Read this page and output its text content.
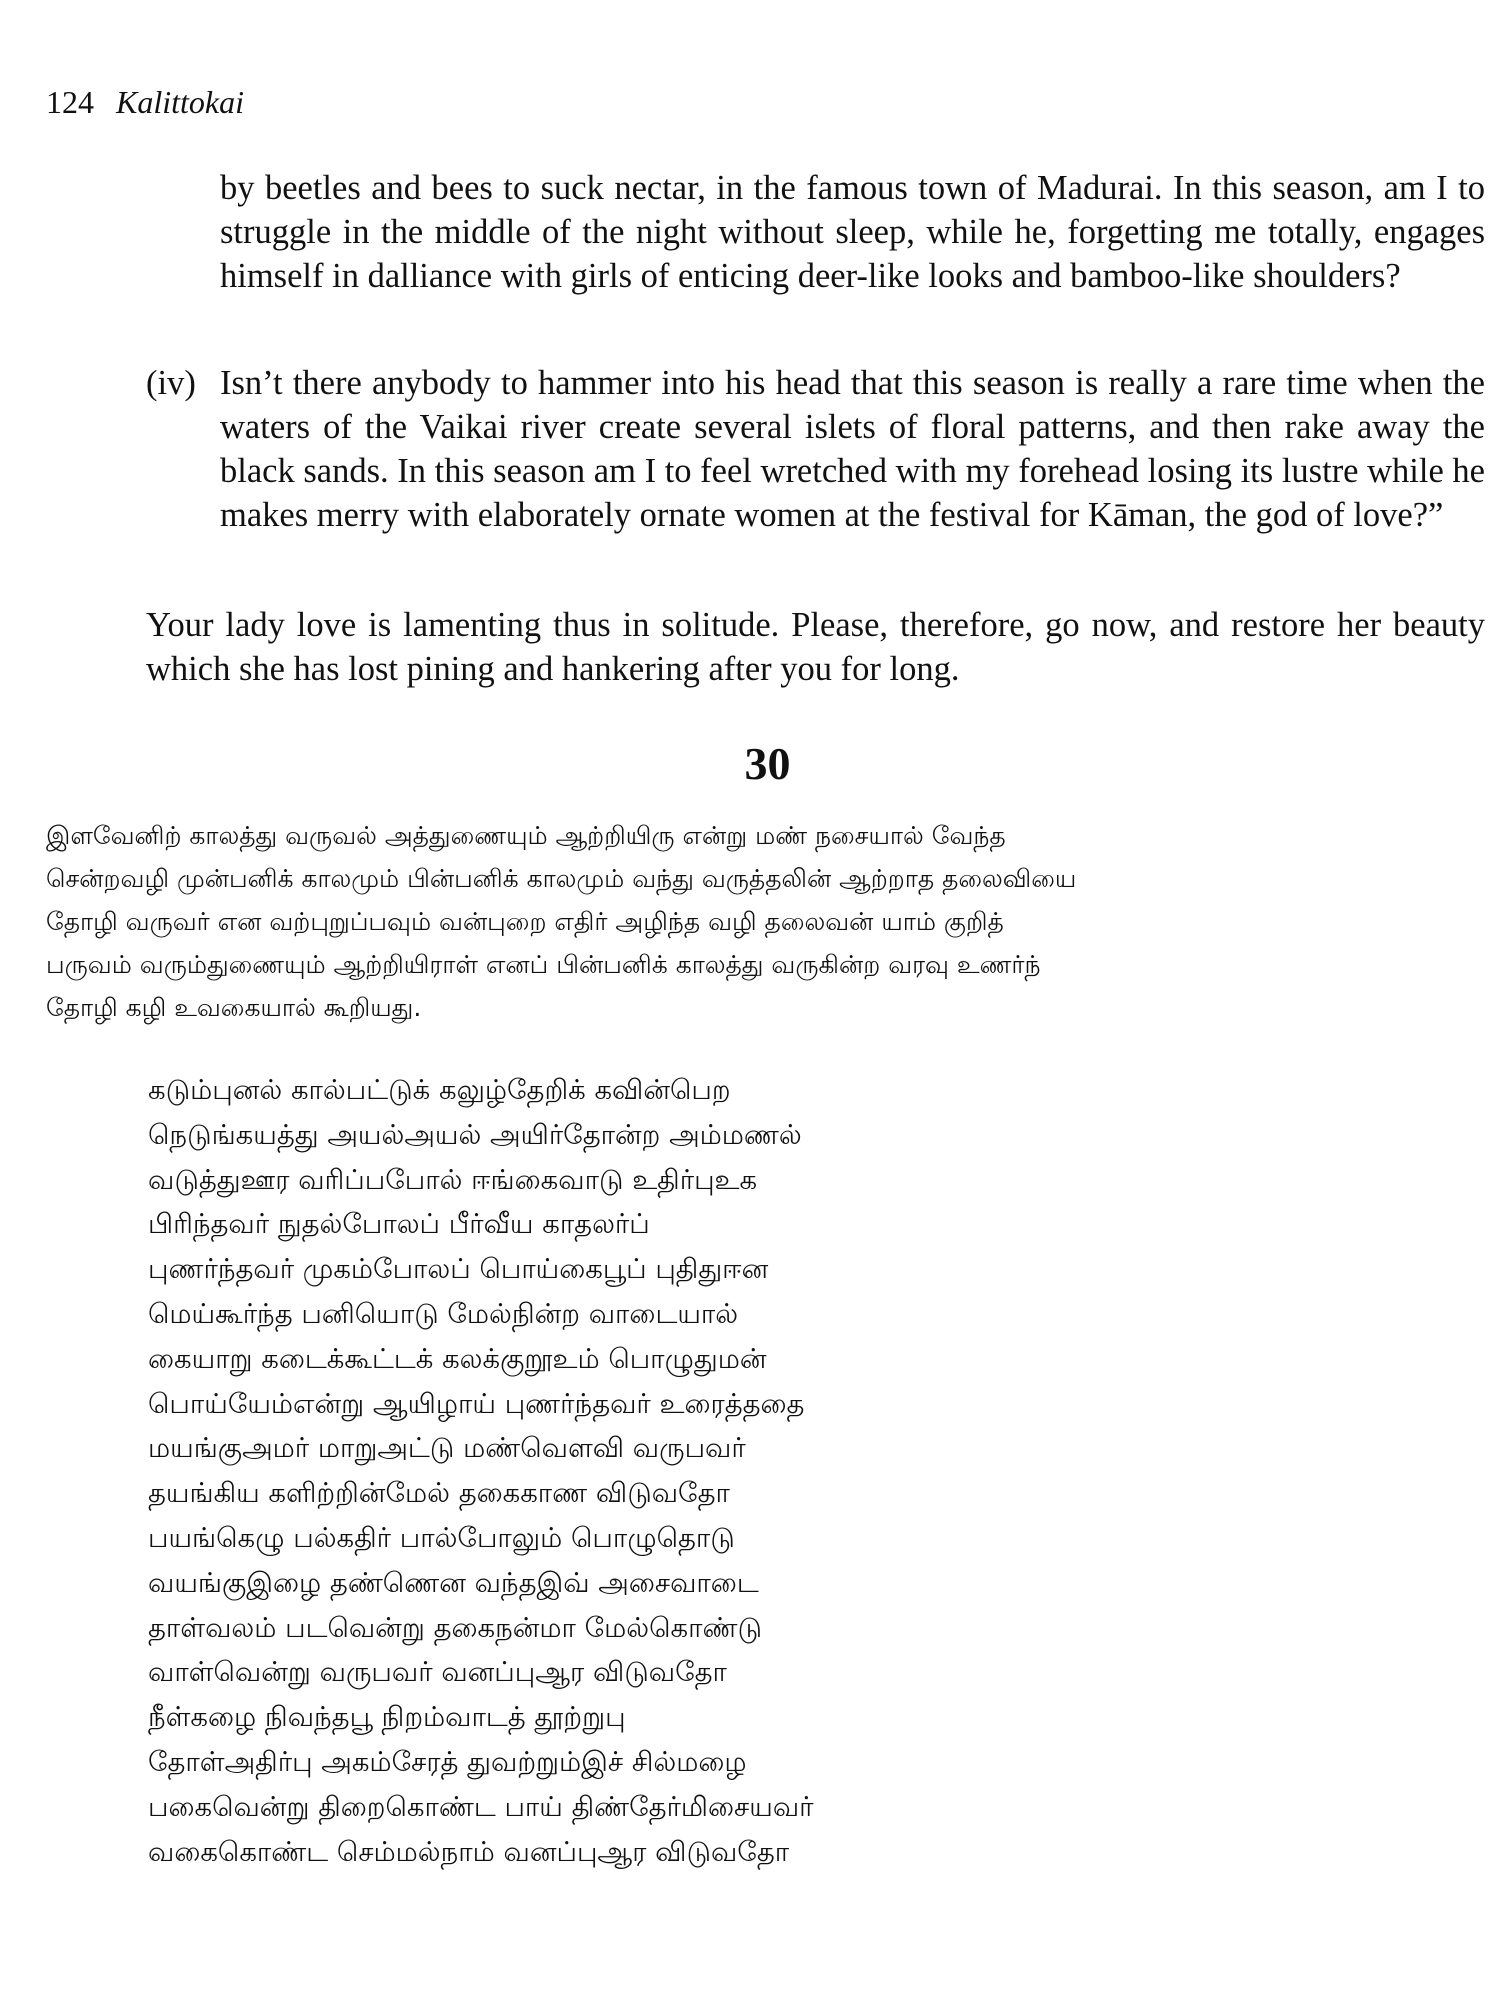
124 Kalittokai

by beetles and bees to suck nectar, in the famous town of Madurai. In this season, am I to struggle in the middle of the night without sleep, while he, forgetting me totally, engages himself in dalliance with girls of enticing deer-like looks and bamboo-like shoulders?

(iv) Isn’t there anybody to hammer into his head that this season is really a rare time when the waters of the Vaikai river create several islets of floral patterns, and then rake away the black sands. In this season am I to feel wretched with my forehead losing its lustre while he makes merry with elaborately ornate women at the festival for Kāman, the god of love?”

Your lady love is lamenting thus in solitude. Please, therefore, go now, and restore her beauty which she has lost pining and hankering after you for long.

30
இளவேனிற் காலத்து வருவல் அத்துணையும் ஆற்றியிரு என்று மண் நசையால் வேந்த
சென்றவழி முன்பனிக் காலமும் பின்பனிக் காலமும் வந்து வருத்தலின் ஆற்றாத தலைவியை
தோழி வருவர் என வற்புறுப்பவும் வன்புறை எதிர் அழிந்த வழி தலைவன் யாம் குறித்
பருவம் வரும்துணையும் ஆற்றியிராள் எனப் பின்பனிக் காலத்து வருகின்ற வரவு உணர்ந்
தோழி கழி உவகையால் கூறியது.
கடும்புனல் கால்பட்டுக் கலுழ்தேறிக் கவின்பெற
நெடுங்கயத்து அயல்அயல் அயிர்தோன்ற அம்மணல்
வடுத்துஊர வரிப்பபோல் ஈங்கைவாடு உதிர்புஉக
பிரிந்தவர் நுதல்போலப் பீர்வீய காதலர்ப்
புணர்ந்தவர் முகம்போலப் பொய்கைபூப் புதிதுஈன
மெய்கூர்ந்த பனியொடு மேல்நின்ற வாடையால்
கையாறு கடைக்கூட்டக் கலக்குறூஉம் பொழுதுமன்
பொய்யேம்என்று ஆயிழாய் புணர்ந்தவர் உரைத்ததை
மயங்குஅமர் மாறுஅட்டு மண்வெளவி வருபவர்
தயங்கிய களிற்றின்மேல் தகைகாண விடுவதோ
பயங்கெழு பல்கதிர் பால்போலும் பொழுதொடு
வயங்குஇழை தண்ணென வந்தஇவ் அசைவாடை
தாள்வலம் படவென்று தகைநன்மா மேல்கொண்டு
வாள்வென்று வருபவர் வனப்புஆர விடுவதோ
நீள்கழை நிவந்தபூ நிறம்வாடத் தூற்றுபு
தோள்அதிர்பு அகம்சேரத் துவற்றும்இச் சில்மழை
பகைவென்று திறைகொண்ட பாய் திண்தேர்மிசையவர்
வகைகொண்ட செம்மல்நாம் வனப்புஆர விடுவதோ
